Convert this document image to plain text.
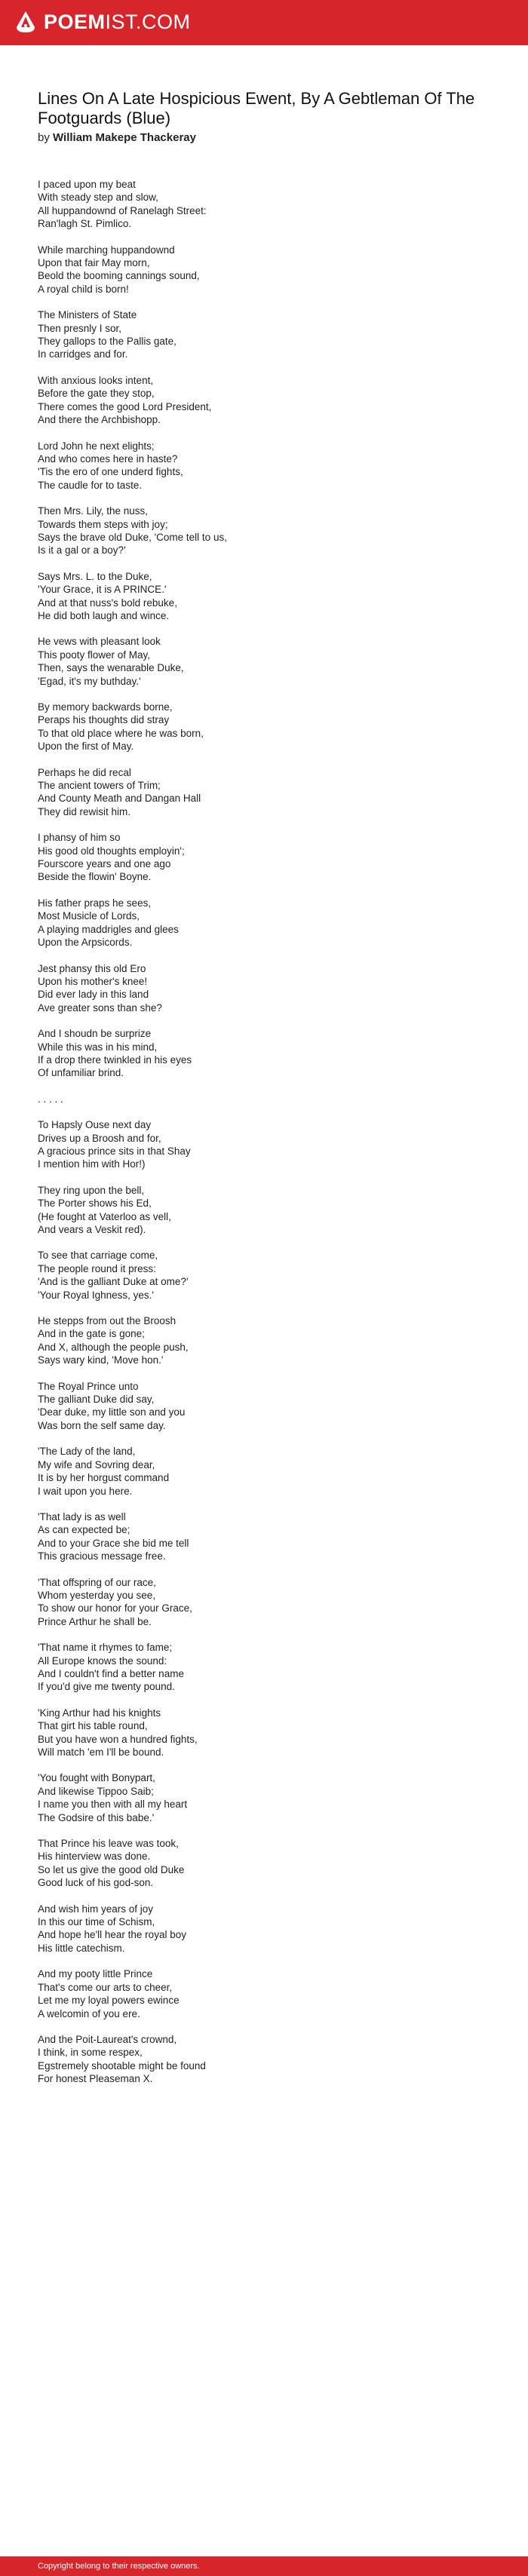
POEMIST.COM
Lines On A Late Hospicious Ewent, By A Gebtleman Of The Footguards (Blue)
by William Makepe Thackeray
I paced upon my beat
With steady step and slow,
All huppandownd of Ranelagh Street:
Ran'lagh St. Pimlico.
While marching huppandownd
Upon that fair May morn,
Beold the booming cannings sound,
A royal child is born!
The Ministers of State
Then presnly I sor,
They gallops to the Pallis gate,
In carridges and for.
With anxious looks intent,
Before the gate they stop,
There comes the good Lord President,
And there the Archbishopp.
Lord John he next elights;
And who comes here in haste?
'Tis the ero of one underd fights,
The caudle for to taste.
Then Mrs. Lily, the nuss,
Towards them steps with joy;
Says the brave old Duke, 'Come tell to us,
Is it a gal or a boy?'
Says Mrs. L. to the Duke,
'Your Grace, it is A PRINCE.'
And at that nuss's bold rebuke,
He did both laugh and wince.
He vews with pleasant look
This pooty flower of May,
Then, says the wenarable Duke,
'Egad, it's my buthday.'
By memory backwards borne,
Peraps his thoughts did stray
To that old place where he was born,
Upon the first of May.
Perhaps he did recal
The ancient towers of Trim;
And County Meath and Dangan Hall
They did rewisit him.
I phansy of him so
His good old thoughts employin';
Fourscore years and one ago
Beside the flowin' Boyne.
His father praps he sees,
Most Musicle of Lords,
A playing maddrigles and glees
Upon the Arpsicords.
Jest phansy this old Ero
Upon his mother's knee!
Did ever lady in this land
Ave greater sons than she?
And I shoudn be surprize
While this was in his mind,
If a drop there twinkled in his eyes
Of unfamiliar brind.
. . . . .
To Hapsly Ouse next day
Drives up a Broosh and for,
A gracious prince sits in that Shay
I mention him with Hor!)
They ring upon the bell,
The Porter shows his Ed,
(He fought at Vaterloo as vell,
And vears a Veskit red).
To see that carriage come,
The people round it press:
'And is the galliant Duke at ome?'
'Your Royal Ighness, yes.'
He stepps from out the Broosh
And in the gate is gone;
And X, although the people push,
Says wary kind, 'Move hon.'
The Royal Prince unto
The galliant Duke did say,
'Dear duke, my little son and you
Was born the self same day.
'The Lady of the land,
My wife and Sovring dear,
It is by her horgust command
I wait upon you here.
'That lady is as well
As can expected be;
And to your Grace she bid me tell
This gracious message free.
'That offspring of our race,
Whom yesterday you see,
To show our honor for your Grace,
Prince Arthur he shall be.
'That name it rhymes to fame;
All Europe knows the sound:
And I couldn't find a better name
If you'd give me twenty pound.
'King Arthur had his knights
That girt his table round,
But you have won a hundred fights,
Will match 'em I'll be bound.
'You fought with Bonypart,
And likewise Tippoo Saib;
I name you then with all my heart
The Godsire of this babe.'
That Prince his leave was took,
His hinterview was done.
So let us give the good old Duke
Good luck of his god-son.
And wish him years of joy
In this our time of Schism,
And hope he'll hear the royal boy
His little catechism.
And my pooty little Prince
That's come our arts to cheer,
Let me my loyal powers ewince
A welcomin of you ere.
And the Poit-Laureat's crownd,
I think, in some respex,
Egstremely shootable might be found
For honest Pleaseman X.
Copyright belong to their respective owners.
